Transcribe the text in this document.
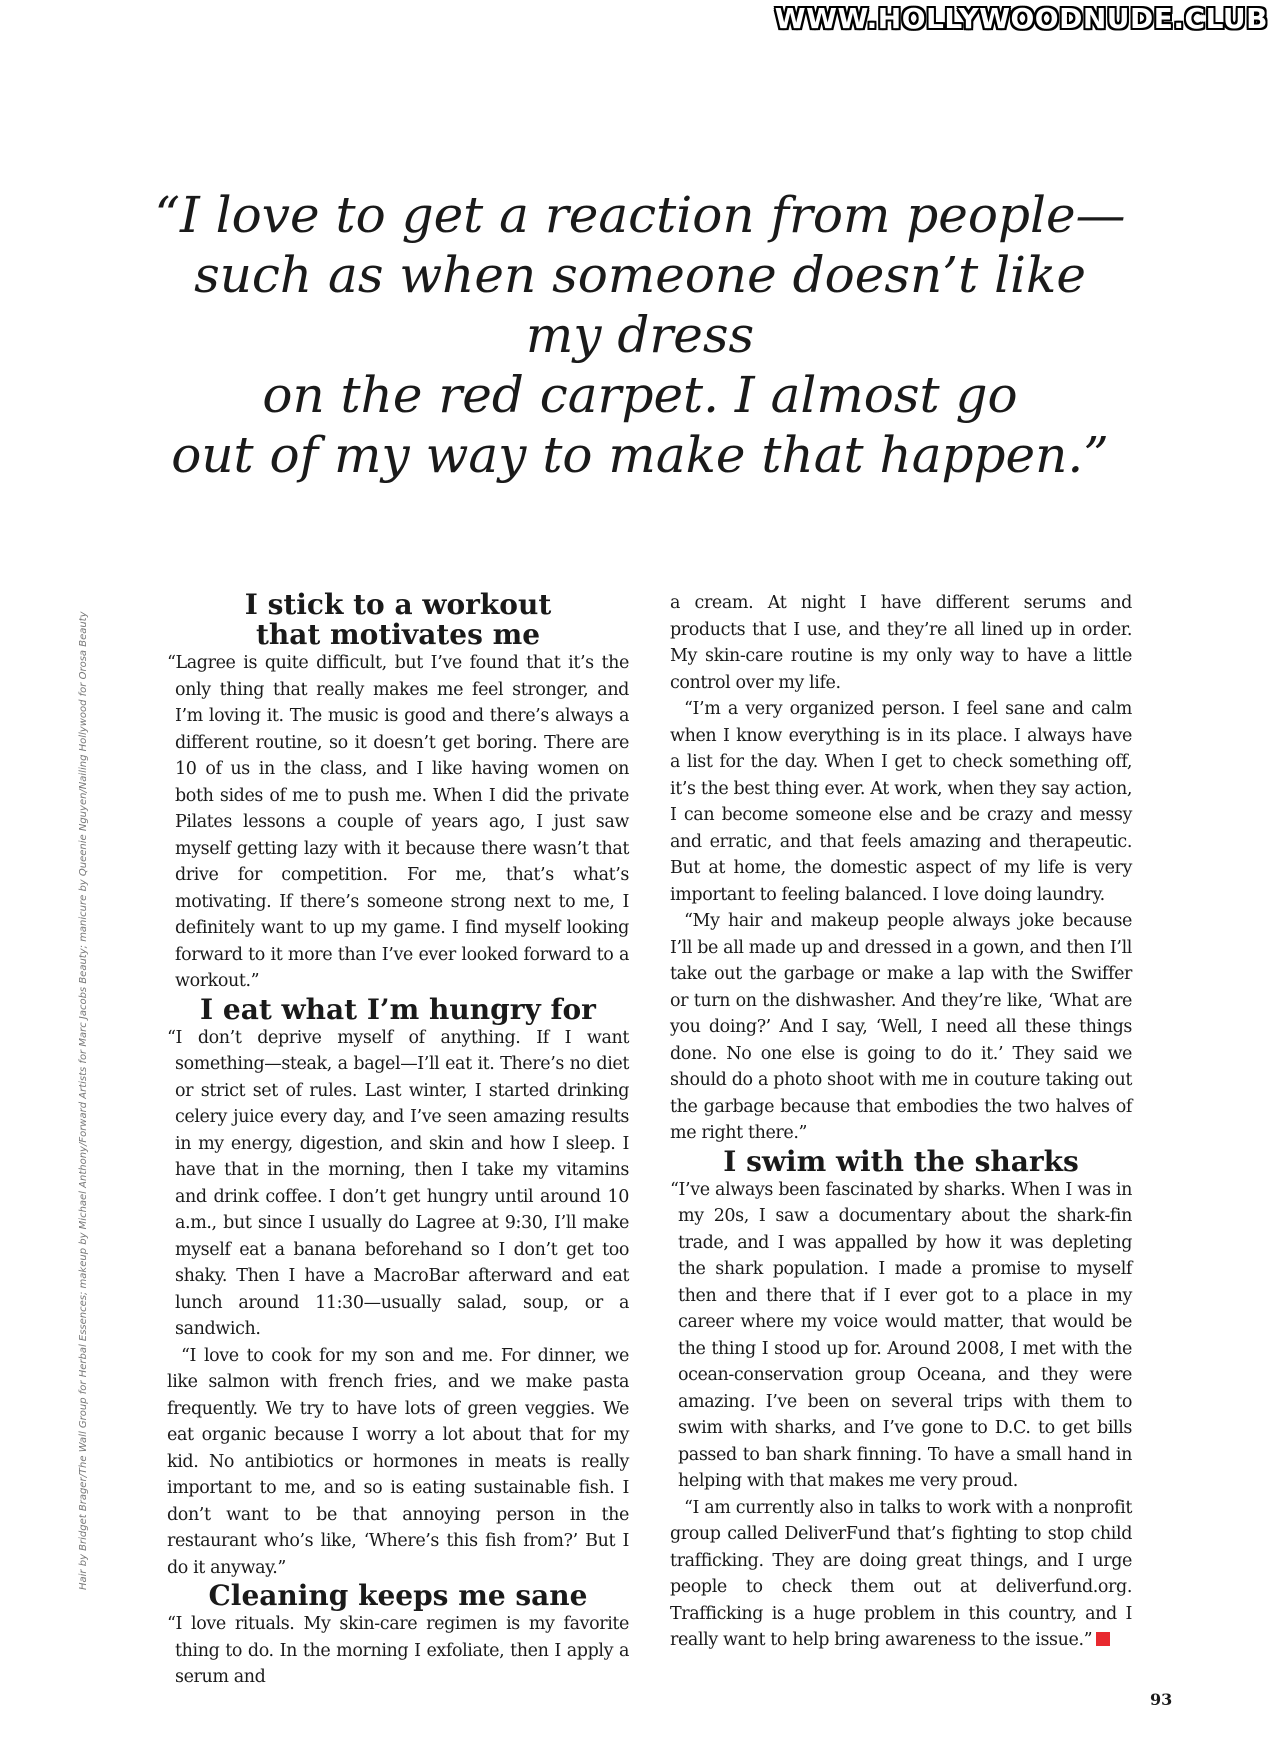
WWW.HOLLYWOODNUDE.CLUB
“I love to get a reaction from people—
such as when someone doesn’t like my dress
on the red carpet. I almost go
out of my way to make that happen.”
Hair by Bridget Brager/The Wall Group for Herbal Essences; makeup by Michael Anthony/Forward Artists for Marc Jacobs Beauty; manicure by Queenie Nguyen/Nailing Hollywood for Orosa Beauty
I stick to a workout
that motivates me

“Lagree is quite difficult, but I’ve found that it’s the only thing that really makes me feel stronger, and I’m loving it. The music is good and there’s always a different routine, so it doesn’t get boring. There are 10 of us in the class, and I like having women on both sides of me to push me. When I did the private Pilates lessons a couple of years ago, I just saw myself getting lazy with it because there wasn’t that drive for competition. For me, that’s what’s motivating. If there’s someone strong next to me, I definitely want to up my game. I find myself looking forward to it more than I’ve ever looked forward to a workout.”

I eat what I’m hungry for

“I don’t deprive myself of anything. If I want something—steak, a bagel—I’ll eat it. There’s no diet or strict set of rules. Last winter, I started drinking celery juice every day, and I’ve seen amazing results in my energy, digestion, and skin and how I sleep. I have that in the morning, then I take my vitamins and drink coffee. I don’t get hungry until around 10 a.m., but since I usually do Lagree at 9:30, I’ll make myself eat a banana beforehand so I don’t get too shaky. Then I have a MacroBar afterward and eat lunch around 11:30—usually salad, soup, or a sandwich.

“I love to cook for my son and me. For dinner, we like salmon with french fries, and we make pasta frequently. We try to have lots of green veggies. We eat organic because I worry a lot about that for my kid. No antibiotics or hormones in meats is really important to me, and so is eating sustainable fish. I don’t want to be that annoying person in the restaurant who’s like, ‘Where’s this fish from?’ But I do it anyway.”

Cleaning keeps me sane

“I love rituals. My skin-care regimen is my favorite thing to do. In the morning I exfoliate, then I apply a serum and

a cream. At night I have different serums and products that I use, and they’re all lined up in order. My skin-care routine is my only way to have a little control over my life.

“I’m a very organized person. I feel sane and calm when I know everything is in its place. I always have a list for the day. When I get to check something off, it’s the best thing ever. At work, when they say action, I can become someone else and be crazy and messy and erratic, and that feels amazing and therapeutic. But at home, the domestic aspect of my life is very important to feeling balanced. I love doing laundry.

“My hair and makeup people always joke because I’ll be all made up and dressed in a gown, and then I’ll take out the garbage or make a lap with the Swiffer or turn on the dishwasher. And they’re like, ‘What are you doing?’ And I say, ‘Well, I need all these things done. No one else is going to do it.’ They said we should do a photo shoot with me in couture taking out the garbage because that embodies the two halves of me right there.”

I swim with the sharks

“I’ve always been fascinated by sharks. When I was in my 20s, I saw a documentary about the shark-fin trade, and I was appalled by how it was depleting the shark population. I made a promise to myself then and there that if I ever got to a place in my career where my voice would matter, that would be the thing I stood up for. Around 2008, I met with the ocean-conservation group Oceana, and they were amazing. I’ve been on several trips with them to swim with sharks, and I’ve gone to D.C. to get bills passed to ban shark finning. To have a small hand in helping with that makes me very proud.

“I am currently also in talks to work with a nonprofit group called DeliverFund that’s fighting to stop child trafficking. They are doing great things, and I urge people to check them out at deliverfund.org. Trafficking is a huge problem in this country, and I really want to help bring awareness to the issue.”

93
